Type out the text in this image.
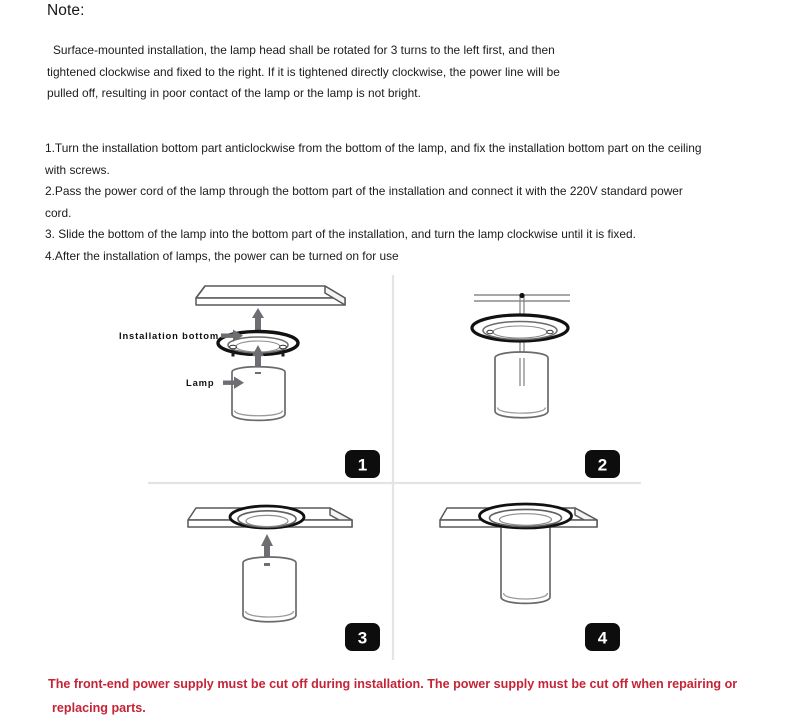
Note:
Surface-mounted installation, the lamp head shall be rotated for 3 turns to the left first, and then
tightened clockwise and fixed to the right. If it is tightened directly clockwise, the power line will be
pulled off, resulting in poor contact of the lamp or the lamp is not bright.
1.Turn the installation bottom part anticlockwise from the bottom of the lamp, and fix the installation bottom part on the ceiling with screws.
2.Pass the power cord of the lamp through the bottom part of the installation and connect it with the 220V standard power cord.
3. Slide the bottom of the lamp into the bottom part of the installation, and turn the lamp clockwise until it is fixed.
4.After the installation of lamps, the power can be turned on for use
Installation bottom
Lamp
1	2
3	4
The front-end power supply must be cut off during installation. The power supply must be cut off when repairing or
replacing parts.
